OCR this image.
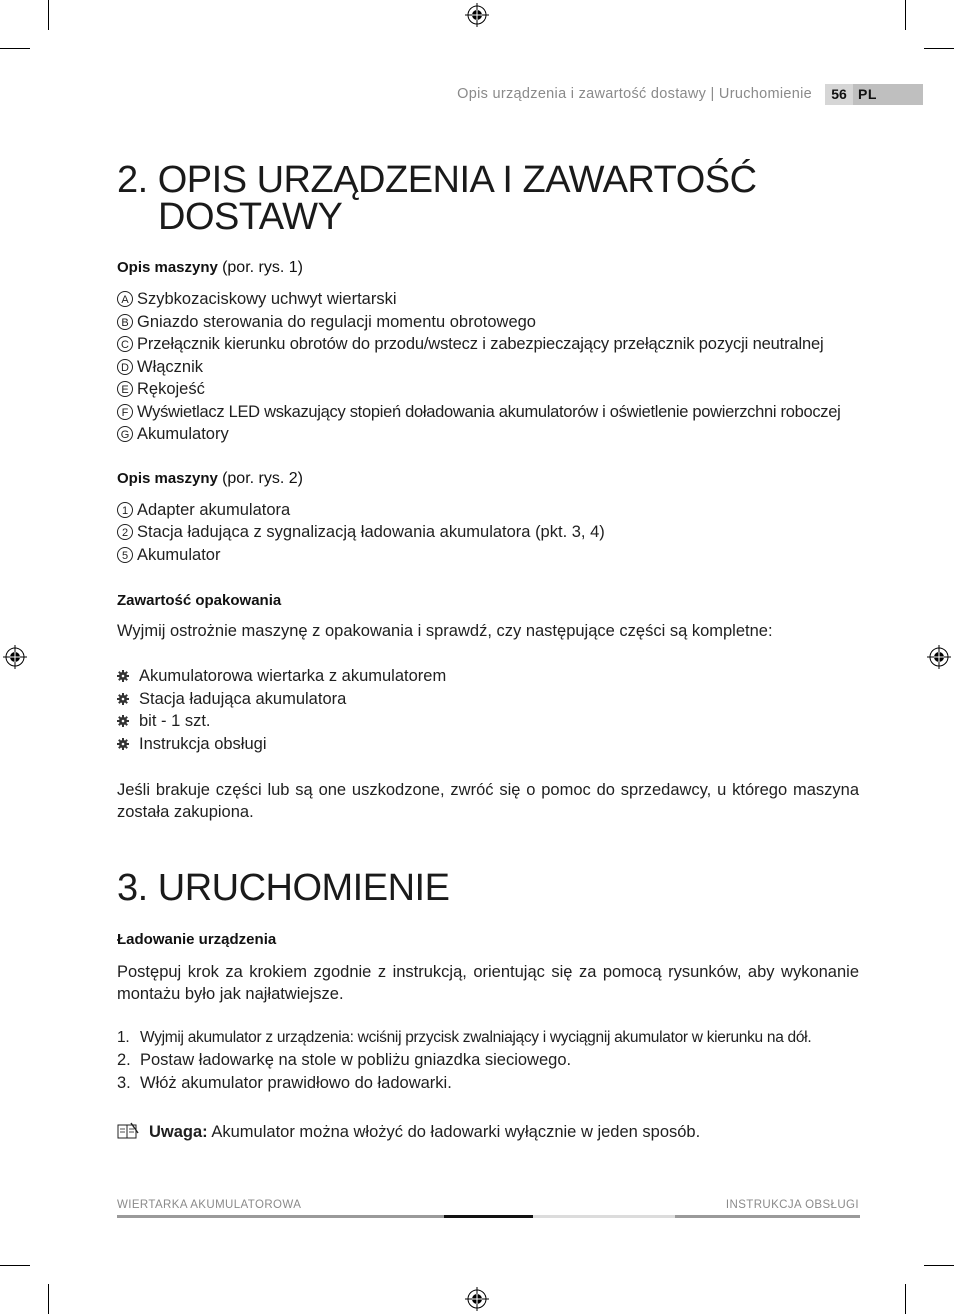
Opis urządzenia i zawartość dostawy | Uruchomienie	56 PL
2. OPIS URZĄDZENIA I ZAWARTOŚĆ
DOSTAWY
Opis maszyny (por. rys. 1)
A Szybkozaciskowy uchwyt wiertarski
B Gniazdo sterowania do regulacji momentu obrotowego
C Przełącznik kierunku obrotów do przodu/wstecz i zabezpieczający przełącznik pozycji neutralnej
D Włącznik
E Rękojeść
F Wyświetlacz LED wskazujący stopień doładowania akumulatorów i oświetlenie powierzchni roboczej
G Akumulatory
Opis maszyny (por. rys. 2)
1 Adapter akumulatora
2 Stacja ładująca z sygnalizacją ładowania akumulatora (pkt. 3, 4)
5 Akumulator
Zawartość opakowania
Wyjmij ostrożnie maszynę z opakowania i sprawdź, czy następujące części są kompletne:
Akumulatorowa wiertarka z akumulatorem
Stacja ładująca akumulatora
bit - 1 szt.
Instrukcja obsługi
Jeśli brakuje części lub są one uszkodzone, zwróć się o pomoc do sprzedawcy, u którego maszyna została zakupiona.
3. URUCHOMIENIE
Ładowanie urządzenia
Postępuj krok za krokiem zgodnie z instrukcją, orientując się za pomocą rysunków, aby wykonanie montażu było jak najłatwiejsze.
1. Wyjmij akumulator z urządzenia: wciśnij przycisk zwalniający i wyciągnij akumulator w kierunku na dół.
2. Postaw ładowarkę na stole w pobliżu gniazdka sieciowego.
3. Włóż akumulator prawidłowo do ładowarki.
Uwaga: Akumulator można włożyć do ładowarki wyłącznie w jeden sposób.
WIERTARKA AKUMULATOROWA	INSTRUKCJA OBSŁUGI
